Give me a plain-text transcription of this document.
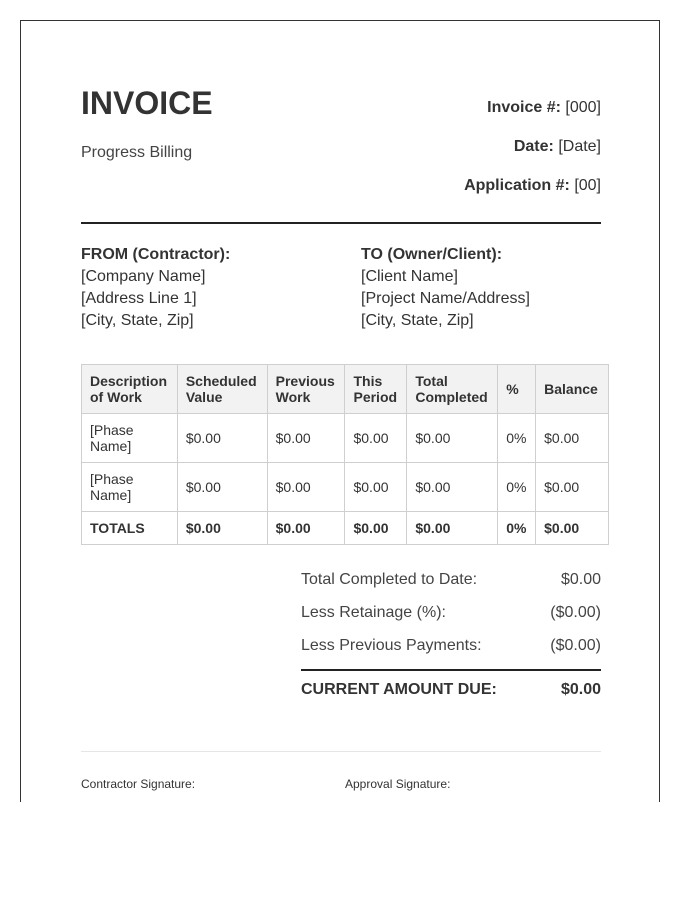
INVOICE
Progress Billing
Invoice #: [000]
Date: [Date]
Application #: [00]
FROM (Contractor):
[Company Name]
[Address Line 1]
[City, State, Zip]
TO (Owner/Client):
[Client Name]
[Project Name/Address]
[City, State, Zip]
Description of Work	Scheduled Value	Previous Work	This Period	Total Completed	%	Balance
[Phase Name]	$0.00	$0.00	$0.00	$0.00	0%	$0.00
[Phase Name]	$0.00	$0.00	$0.00	$0.00	0%	$0.00
TOTALS	$0.00	$0.00	$0.00	$0.00	0%	$0.00
Total Completed to Date:	$0.00
Less Retainage (%):	($0.00)
Less Previous Payments:	($0.00)
CURRENT AMOUNT DUE:	$0.00
Contractor Signature:	Approval Signature:
